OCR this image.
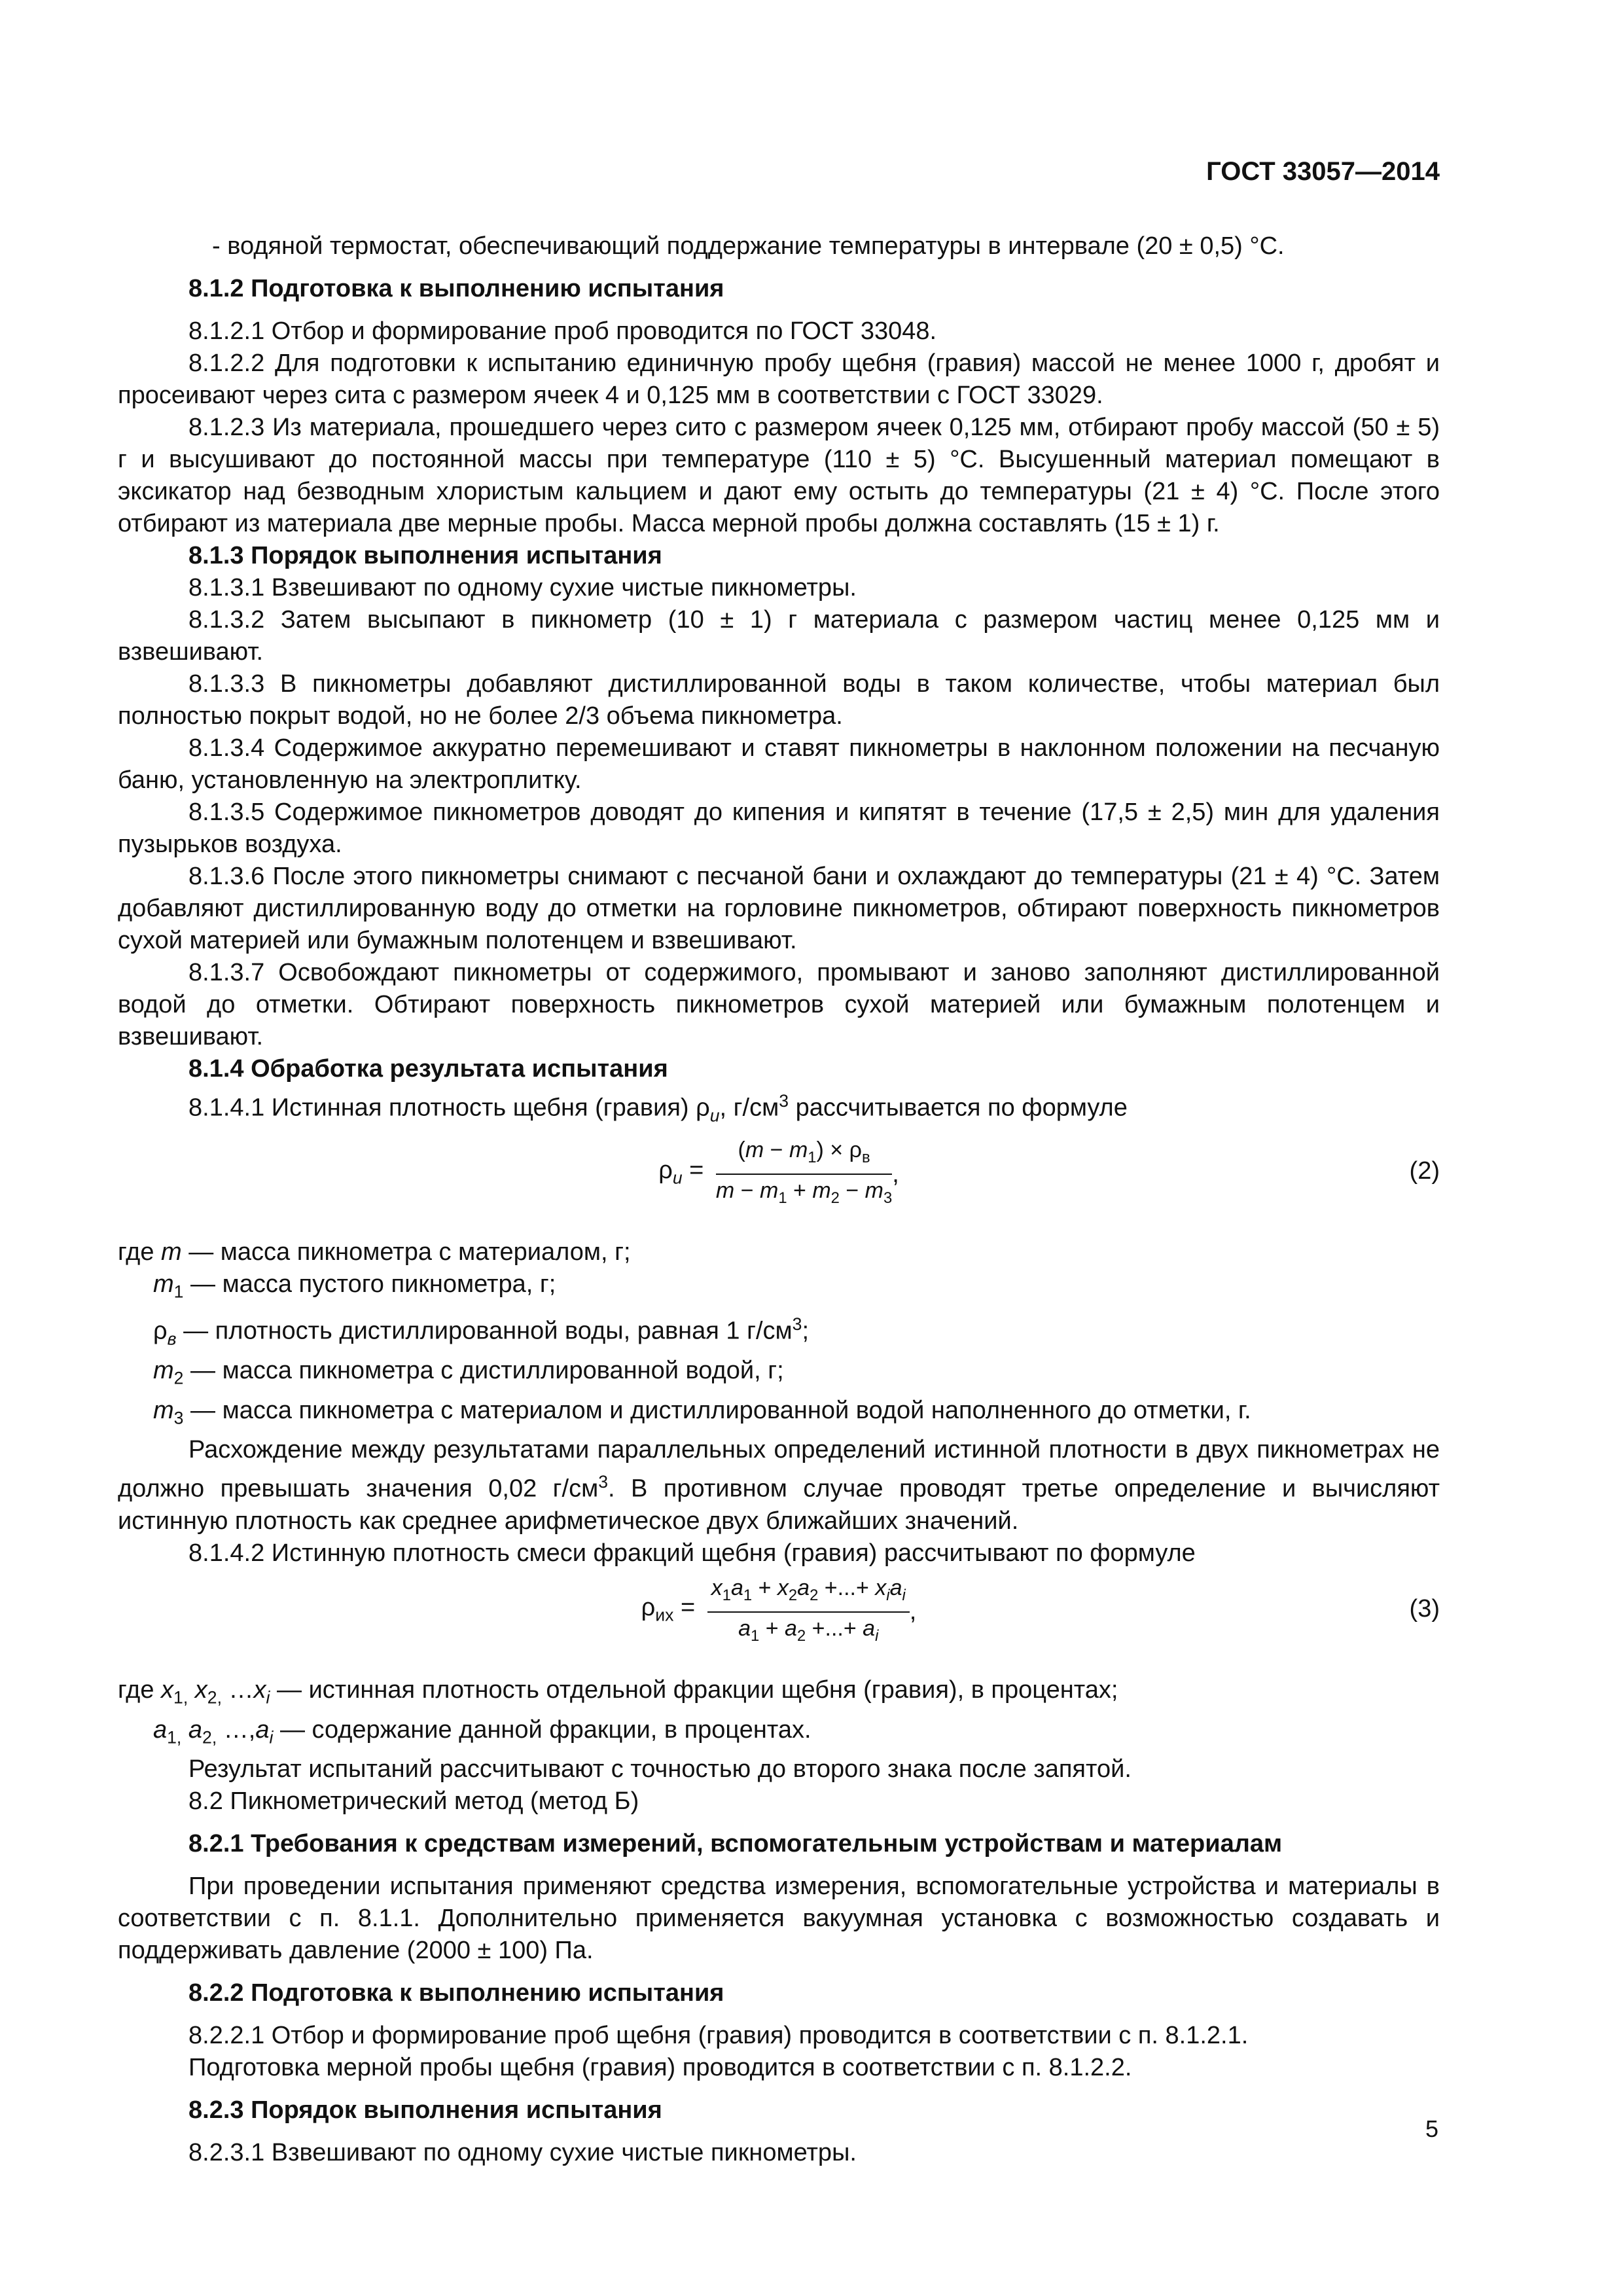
ГОСТ 33057—2014

- водяной термостат, обеспечивающий поддержание температуры в интервале (20 ± 0,5) °С.

8.1.2 Подготовка к выполнению испытания

8.1.2.1 Отбор и формирование проб проводится по ГОСТ 33048.

8.1.2.2 Для подготовки к испытанию единичную пробу щебня (гравия) массой не менее 1000 г, дробят и просеивают через сита с размером ячеек 4 и 0,125 мм в соответствии с ГОСТ 33029.

8.1.2.3 Из материала, прошедшего через сито с размером ячеек 0,125 мм, отбирают пробу массой (50 ± 5) г и высушивают до постоянной массы при температуре (110 ± 5) °С. Высушенный материал помещают в эксикатор над безводным хлористым кальцием и дают ему остыть до температуры (21 ± 4) °С. После этого отбирают из материала две мерные пробы. Масса мерной пробы должна составлять (15 ± 1) г.

8.1.3 Порядок выполнения испытания

8.1.3.1 Взвешивают по одному сухие чистые пикнометры.

8.1.3.2 Затем высыпают в пикнометр (10 ± 1) г материала с размером частиц менее 0,125 мм и взвешивают.

8.1.3.3 В пикнометры добавляют дистиллированной воды в таком количестве, чтобы материал был полностью покрыт водой, но не более 2/3 объема пикнометра.

8.1.3.4 Содержимое аккуратно перемешивают и ставят пикнометры в наклонном положении на песчаную баню, установленную на электроплитку.

8.1.3.5 Содержимое пикнометров доводят до кипения и кипятят в течение (17,5 ± 2,5) мин для удаления пузырьков воздуха.

8.1.3.6 После этого пикнометры снимают с песчаной бани и охлаждают до температуры (21 ± 4) °С. Затем добавляют дистиллированную воду до отметки на горловине пикнометров, обтирают поверхность пикнометров сухой материей или бумажным полотенцем и взвешивают.

8.1.3.7 Освобождают пикнометры от содержимого, промывают и заново заполняют дистиллированной водой до отметки. Обтирают поверхность пикнометров сухой материей или бумажным полотенцем и взвешивают.

8.1.4 Обработка результата испытания

8.1.4.1 Истинная плотность щебня (гравия) $\rho_и$, $г/см^3$ рассчитывается по формуле

$\rho_и = \frac{(m - m_1) \times \rho_в}{m - m_1 + m_2 - m_3}$ ,	(2)

где m — масса пикнометра с материалом, г;

$m_1$ — масса пустого пикнометра, г;

$\rho_в$ — плотность дистиллированной воды, равная 1 $г/см^3$;

$m_2$ — масса пикнометра с дистиллированной водой, г;

$m_3$ — масса пикнометра с материалом и дистиллированной водой наполненного до отметки, г.

Расхождение между результатами параллельных определений истинной плотности в двух пикнометрах не должно превышать значения 0,02 $г/см^3$. В противном случае проводят третье определение и вычисляют истинную плотность как среднее арифметическое двух ближайших значений.

8.1.4.2 Истинную плотность смеси фракций щебня (гравия) рассчитывают по формуле

$\rho_{их} = \frac{x_1a_1 + x_2a_2 +...+ x_ia_i}{a_1 + a_2 +...+ a_i}$ ,	(3)

где $x_{1,}$ $x_{2,}$ $\dots x_i$ — истинная плотность отдельной фракции щебня (гравия), в процентах;

$a_{1,}$ $a_{2,}$ $\dots,a_i$ — содержание данной фракции, в процентах.

Результат испытаний рассчитывают с точностью до второго знака после запятой.

8.2 Пикнометрический метод (метод Б)

8.2.1 Требования к средствам измерений, вспомогательным устройствам и материалам

При проведении испытания применяют средства измерения, вспомогательные устройства и материалы в соответствии с п. 8.1.1. Дополнительно применяется вакуумная установка с возможностью создавать и поддерживать давление (2000 ± 100) Па.

8.2.2 Подготовка к выполнению испытания

8.2.2.1 Отбор и формирование проб щебня (гравия) проводится в соответствии с п. 8.1.2.1.

Подготовка мерной пробы щебня (гравия) проводится в соответствии с п. 8.1.2.2.

8.2.3 Порядок выполнения испытания

8.2.3.1 Взвешивают по одному сухие чистые пикнометры.

5
